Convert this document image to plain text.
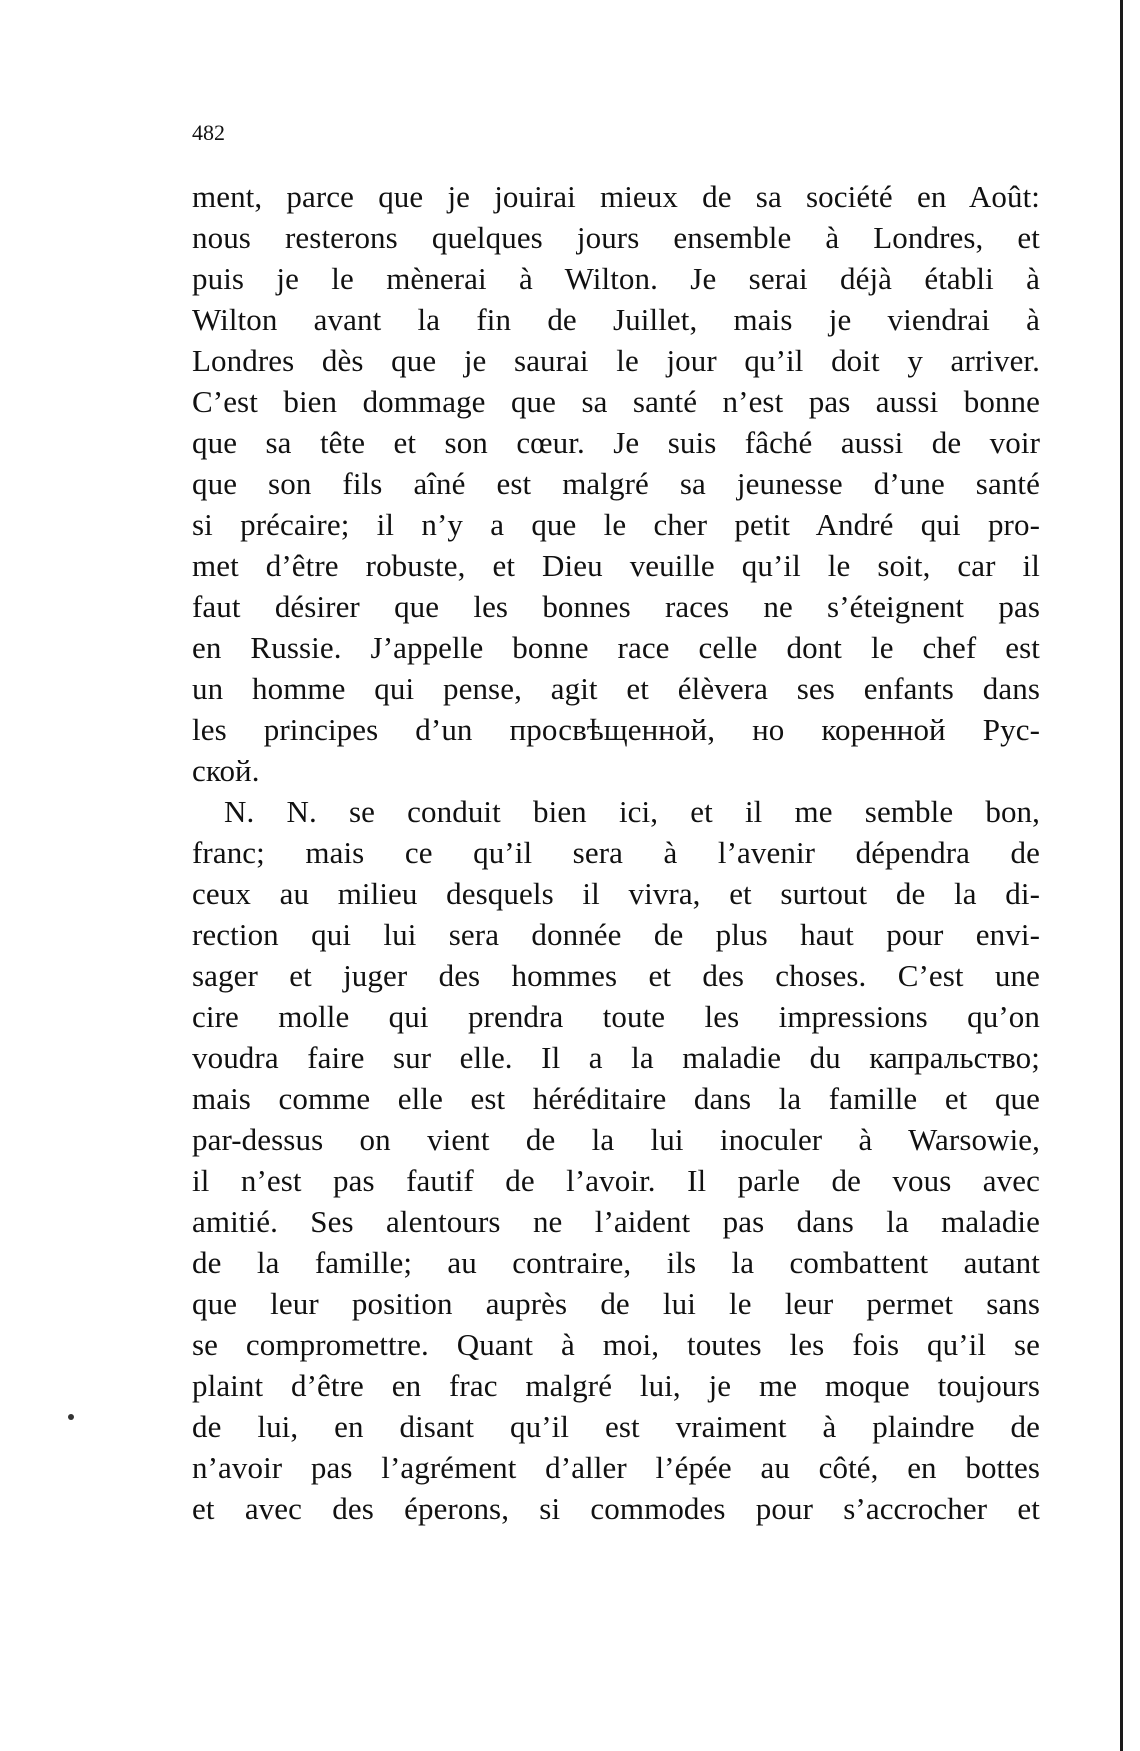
482
ment, parce que je jouirai mieux de sa société en Août:
nous resterons quelques jours ensemble à Londres, et
puis je le mènerai à Wilton. Je serai déjà établi à
Wilton avant la fin de Juillet, mais je viendrai à
Londres dès que je saurai le jour qu’il doit y arriver.
C’est bien dommage que sa santé n’est pas aussi bonne
que sa tête et son cœur. Je suis fâché aussi de voir
que son fils aîné est malgré sa jeunesse d’une santé
si précaire; il n’y a que le cher petit André qui pro-
met d’être robuste, et Dieu veuille qu’il le soit, car il
faut désirer que les bonnes races ne s’éteignent pas
en Russie. J’appelle bonne race celle dont le chef est
un homme qui pense, agit et élèvera ses enfants dans
les principes d’un просвѣщенной, но коренной Рус-
ской.
N. N. se conduit bien ici, et il me semble bon,
franc; mais ce qu’il sera à l’avenir dépendra de
ceux au milieu desquels il vivra, et surtout de la di-
rection qui lui sera donnée de plus haut pour envi-
sager et juger des hommes et des choses. C’est une
cire molle qui prendra toute les impressions qu’on
voudra faire sur elle. Il a la maladie du капральство;
mais comme elle est héréditaire dans la famille et que
par-dessus on vient de la lui inoculer à Warsowie,
il n’est pas fautif de l’avoir. Il parle de vous avec
amitié. Ses alentours ne l’aident pas dans la maladie
de la famille; au contraire, ils la combattent autant
que leur position auprès de lui le leur permet sans
se compromettre. Quant à moi, toutes les fois qu’il se
plaint d’être en frac malgré lui, je me moque toujours
de lui, en disant qu’il est vraiment à plaindre de
n’avoir pas l’agrément d’aller l’épée au côté, en bottes
et avec des éperons, si commodes pour s’accrocher et
